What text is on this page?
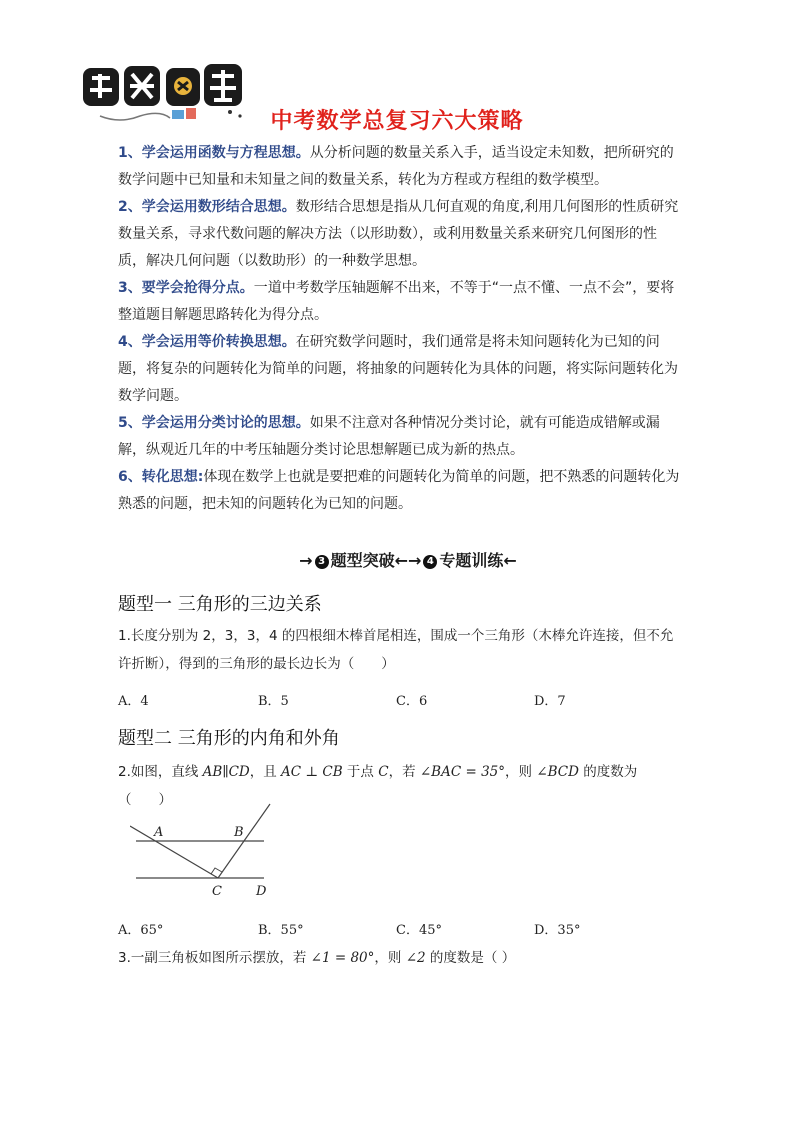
中考数学总复习六大策略

1、学会运用函数与方程思想。从分析问题的数量关系入手，适当设定未知数，把所研究的数学问题中已知量和未知量之间的数量关系，转化为方程或方程组的数学模型。

2、学会运用数形结合思想。数形结合思想是指从几何直观的角度,利用几何图形的性质研究数量关系，寻求代数问题的解决方法（以形助数），或利用数量关系来研究几何图形的性质，解决几何问题（以数助形）的一种数学思想。

3、要学会抢得分点。一道中考数学压轴题解不出来，不等于“一点不懂、一点不会”，要将整道题目解题思路转化为得分点。

4、学会运用等价转换思想。在研究数学问题时，我们通常是将未知问题转化为已知的问题，将复杂的问题转化为简单的问题，将抽象的问题转化为具体的问题，将实际问题转化为数学问题。

5、学会运用分类讨论的思想。如果不注意对各种情况分类讨论，就有可能造成错解或漏解，纵观近几年的中考压轴题分类讨论思想解题已成为新的热点。

6、转化思想:体现在数学上也就是要把难的问题转化为简单的问题，把不熟悉的问题转化为熟悉的问题，把未知的问题转化为已知的问题。

→ 3 题型突破←→ 4 专题训练←
题型一 三角形的三边关系
1.长度分别为 2，3，3，4 的四根细木棒首尾相连，围成一个三角形（木棒允许连接，但不允许折断），得到的三角形的最长边长为（　　）
A．4	B．5	C．6	D．7
题型二 三角形的内角和外角
2.如图，直线 AB∥CD，且 AC ⊥ CB 于点 C，若 ∠BAC = 35°，则 ∠BCD 的度数为（　　）
A	B
C	D
A．65°	B．55°	C．45°	D．35°
3.一副三角板如图所示摆放，若 ∠1 = 80°，则 ∠2 的度数是（ ）
